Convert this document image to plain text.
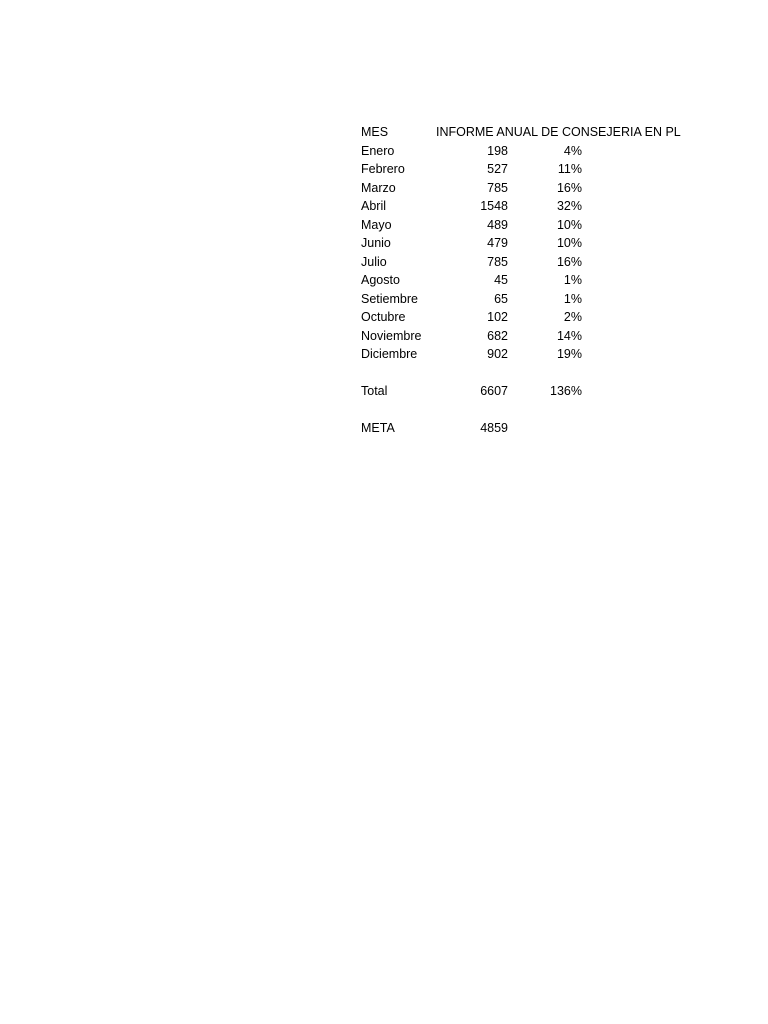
MES	INFORME ANUAL DE CONSEJERIA EN PL
Enero	198	4%
Febrero	527	11%
Marzo	785	16%
Abril	1548	32%
Mayo	489	10%
Junio	479	10%
Julio	785	16%
Agosto	45	1%
Setiembre	65	1%
Octubre	102	2%
Noviembre	682	14%
Diciembre	902	19%
Total	6607	136%
META	4859
